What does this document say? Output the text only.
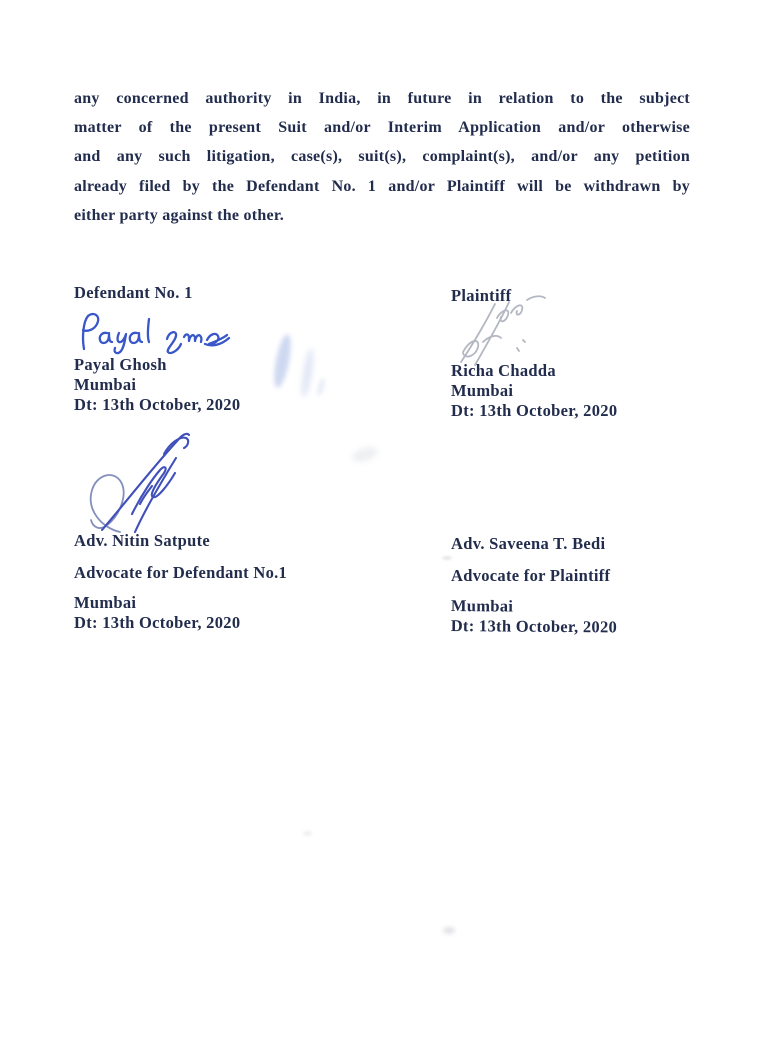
any concerned authority in India, in future in relation to the subject
matter of the present Suit and/or Interim Application and/or otherwise
and any such litigation, case(s), suit(s), complaint(s), and/or any petition
already filed by the Defendant No. 1 and/or Plaintiff will be withdrawn by
either party against the other.
Defendant No. 1
Payal Ghosh
Mumbai
Dt: 13th October, 2020
Plaintiff
Richa Chadda
Mumbai
Dt: 13th October, 2020
Adv. Nitin Satpute
Advocate for Defendant No.1
Mumbai
Dt: 13th October, 2020
Adv. Saveena T. Bedi
Advocate for Plaintiff
Mumbai
Dt: 13th October, 2020
